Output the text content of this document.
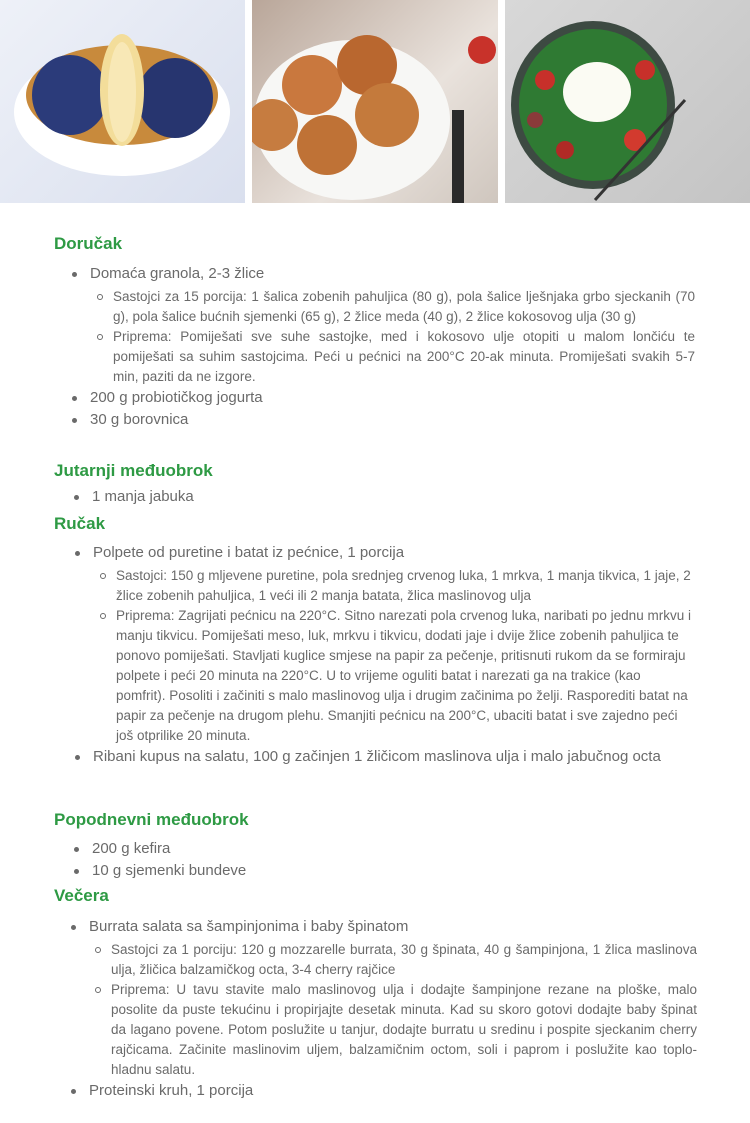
Doručak
Domaća granola, 2-3 žlice
Sastojci za 15 porcija: 1 šalica zobenih pahuljica (80 g), pola šalice lješnjaka grbo sjeckanih (70 g), pola šalice bućnih sjemenki (65 g), 2 žlice meda (40 g), 2 žlice kokosovog ulja (30 g)
Priprema: Pomiješati sve suhe sastojke, med i kokosovo ulje otopiti u malom lončiću te pomiješati sa suhim sastojcima. Peći u pećnici na 200°C 20-ak minuta. Promiješati svakih 5-7 min, paziti da ne izgore.
200 g probiotičkog jogurta
30 g borovnica
Jutarnji međuobrok
1 manja jabuka
Ručak
Polpete od puretine i batat iz pećnice, 1 porcija
Sastojci: 150 g mljevene puretine, pola srednjeg crvenog luka, 1 mrkva, 1 manja tikvica, 1 jaje, 2 žlice zobenih pahuljica, 1 veći ili 2 manja batata, žlica maslinovog ulja
Priprema: Zagrijati pećnicu na 220°C. Sitno narezati pola crvenog luka, naribati po jednu mrkvu i manju tikvicu. Pomiješati meso, luk, mrkvu i tikvicu, dodati jaje i dvije žlice zobenih pahuljica te ponovo pomiješati. Stavljati kuglice smjese na papir za pečenje, pritisnuti rukom da se formiraju polpete i peći 20 minuta na 220°C. U to vrijeme oguliti batat i narezati ga na trakice (kao pomfrit). Posoliti i začiniti s malo maslinovog ulja i drugim začinima po želji. Rasporediti batat na papir za pečenje na drugom plehu. Smanjiti pećnicu na 200°C, ubaciti batat i sve zajedno peći još otprilike 20 minuta.
Ribani kupus na salatu, 100 g začinjen 1 žličicom maslinova ulja i malo jabučnog octa
Popodnevni međuobrok
200 g kefira
10 g sjemenki bundeve
Večera
Burrata salata sa šampinjonima i baby špinatom
Sastojci za 1 porciju: 120 g mozzarelle burrata, 30 g špinata, 40 g šampinjona, 1 žlica maslinova ulja, žličica balzamičkog octa, 3-4 cherry rajčice
Priprema: U tavu stavite malo maslinovog ulja i dodajte šampinjone rezane na ploške, malo posolite da puste tekućinu i propirjajte desetak minuta. Kad su skoro gotovi dodajte baby špinat da lagano povene. Potom poslužite u tanjur, dodajte burratu u sredinu i pospite sjeckanim cherry rajčicama. Začinite maslinovim uljem, balzamičnim octom, soli i paprom i poslužite kao toplo-hladnu salatu.
Proteinski kruh, 1 porcija
